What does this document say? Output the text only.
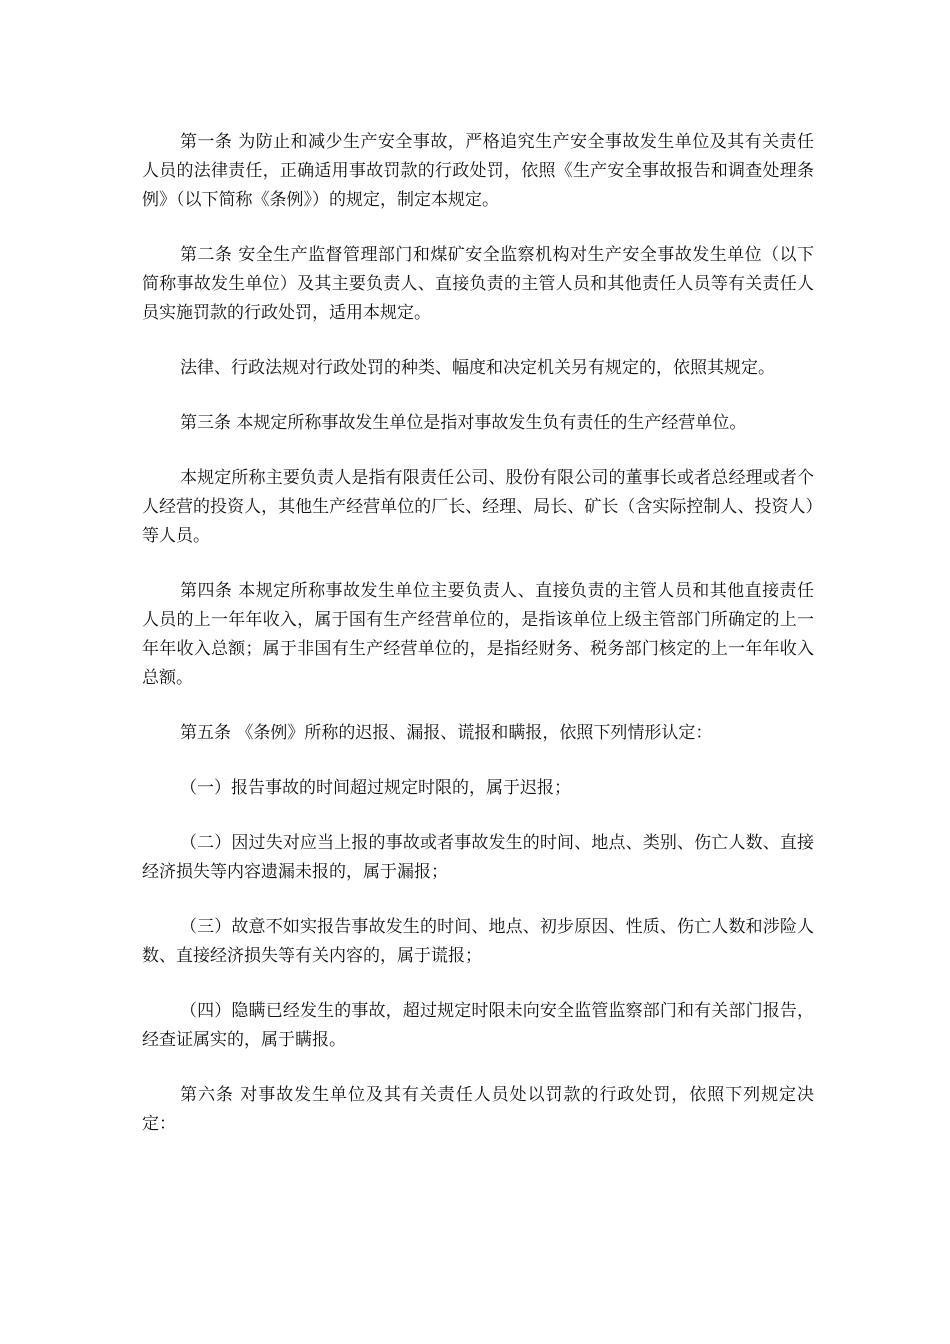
第一条 为防止和减少生产安全事故，严格追究生产安全事故发生单位及其有关责任人员的法律责任，正确适用事故罚款的行政处罚，依照《生产安全事故报告和调查处理条例》（以下简称《条例》）的规定，制定本规定。

第二条 安全生产监督管理部门和煤矿安全监察机构对生产安全事故发生单位（以下简称事故发生单位）及其主要负责人、直接负责的主管人员和其他责任人员等有关责任人员实施罚款的行政处罚，适用本规定。

法律、行政法规对行政处罚的种类、幅度和决定机关另有规定的，依照其规定。

第三条 本规定所称事故发生单位是指对事故发生负有责任的生产经营单位。

本规定所称主要负责人是指有限责任公司、股份有限公司的董事长或者总经理或者个人经营的投资人，其他生产经营单位的厂长、经理、局长、矿长（含实际控制人、投资人）等人员。

第四条 本规定所称事故发生单位主要负责人、直接负责的主管人员和其他直接责任人员的上一年年收入，属于国有生产经营单位的，是指该单位上级主管部门所确定的上一年年收入总额；属于非国有生产经营单位的，是指经财务、税务部门核定的上一年年收入总额。

第五条 《条例》所称的迟报、漏报、谎报和瞒报，依照下列情形认定：

（一）报告事故的时间超过规定时限的，属于迟报；

（二）因过失对应当上报的事故或者事故发生的时间、地点、类别、伤亡人数、直接经济损失等内容遗漏未报的，属于漏报；

（三）故意不如实报告事故发生的时间、地点、初步原因、性质、伤亡人数和涉险人数、直接经济损失等有关内容的，属于谎报；

（四）隐瞒已经发生的事故，超过规定时限未向安全监管监察部门和有关部门报告，经查证属实的，属于瞒报。

第六条 对事故发生单位及其有关责任人员处以罚款的行政处罚，依照下列规定决定：
